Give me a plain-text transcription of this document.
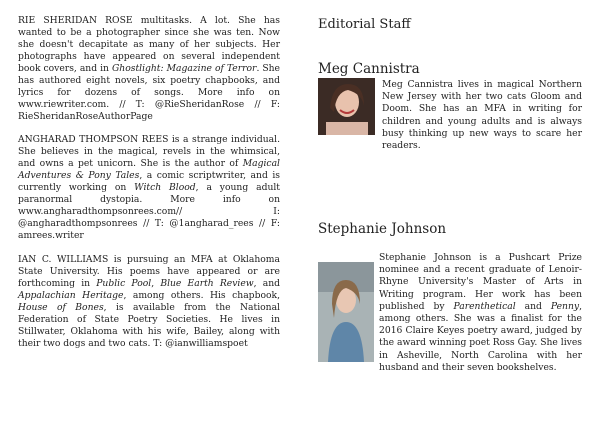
RIE SHERIDAN ROSE multitasks. A lot. She has wanted to be a photographer since she was ten. Now she doesn't decapitate as many of her subjects. Her photographs have appeared on several independent book covers, and in Ghostlight: Magazine of Terror. She has authored eight novels, six poetry chapbooks, and lyrics for dozens of songs. More info on www.riewriter.com. // T: @RieSheridanRose // F: RieSheridanRoseAuthorPage

ANGHARAD THOMPSON REES is a strange individual. She believes in the magical, revels in the whimsical, and owns a pet unicorn. She is the author of Magical Adventures & Pony Tales, a comic scriptwriter, and is currently working on Witch Blood, a young adult paranormal dystopia. More info on www.angharadthompsonrees.com// I: @angharadthompsonrees // T: @1angharad_rees // F: amrees.writer

IAN C. WILLIAMS is pursuing an MFA at Oklahoma State University. His poems have appeared or are forthcoming in Public Pool, Blue Earth Review, and Appalachian Heritage, among others. His chapbook, House of Bones, is available from the National Federation of State Poetry Societies. He lives in Stillwater, Oklahoma with his wife, Bailey, along with their two dogs and two cats. T: @ianwilliamspoet

Editorial Staff
Meg Cannistra
Meg Cannistra lives in magical Northern New Jersey with her two cats Gloom and Doom. She has an MFA in writing for children and young adults and is always busy thinking up new ways to scare her readers.
Stephanie Johnson
Stephanie Johnson is a Pushcart Prize nominee and a recent graduate of Lenoir-Rhyne University's Master of Arts in Writing program. Her work has been published by Parenthetical and Penny, among others. She was a finalist for the 2016 Claire Keyes poetry award, judged by the award winning poet Ross Gay. She lives in Asheville, North Carolina with her husband and their seven bookshelves.
